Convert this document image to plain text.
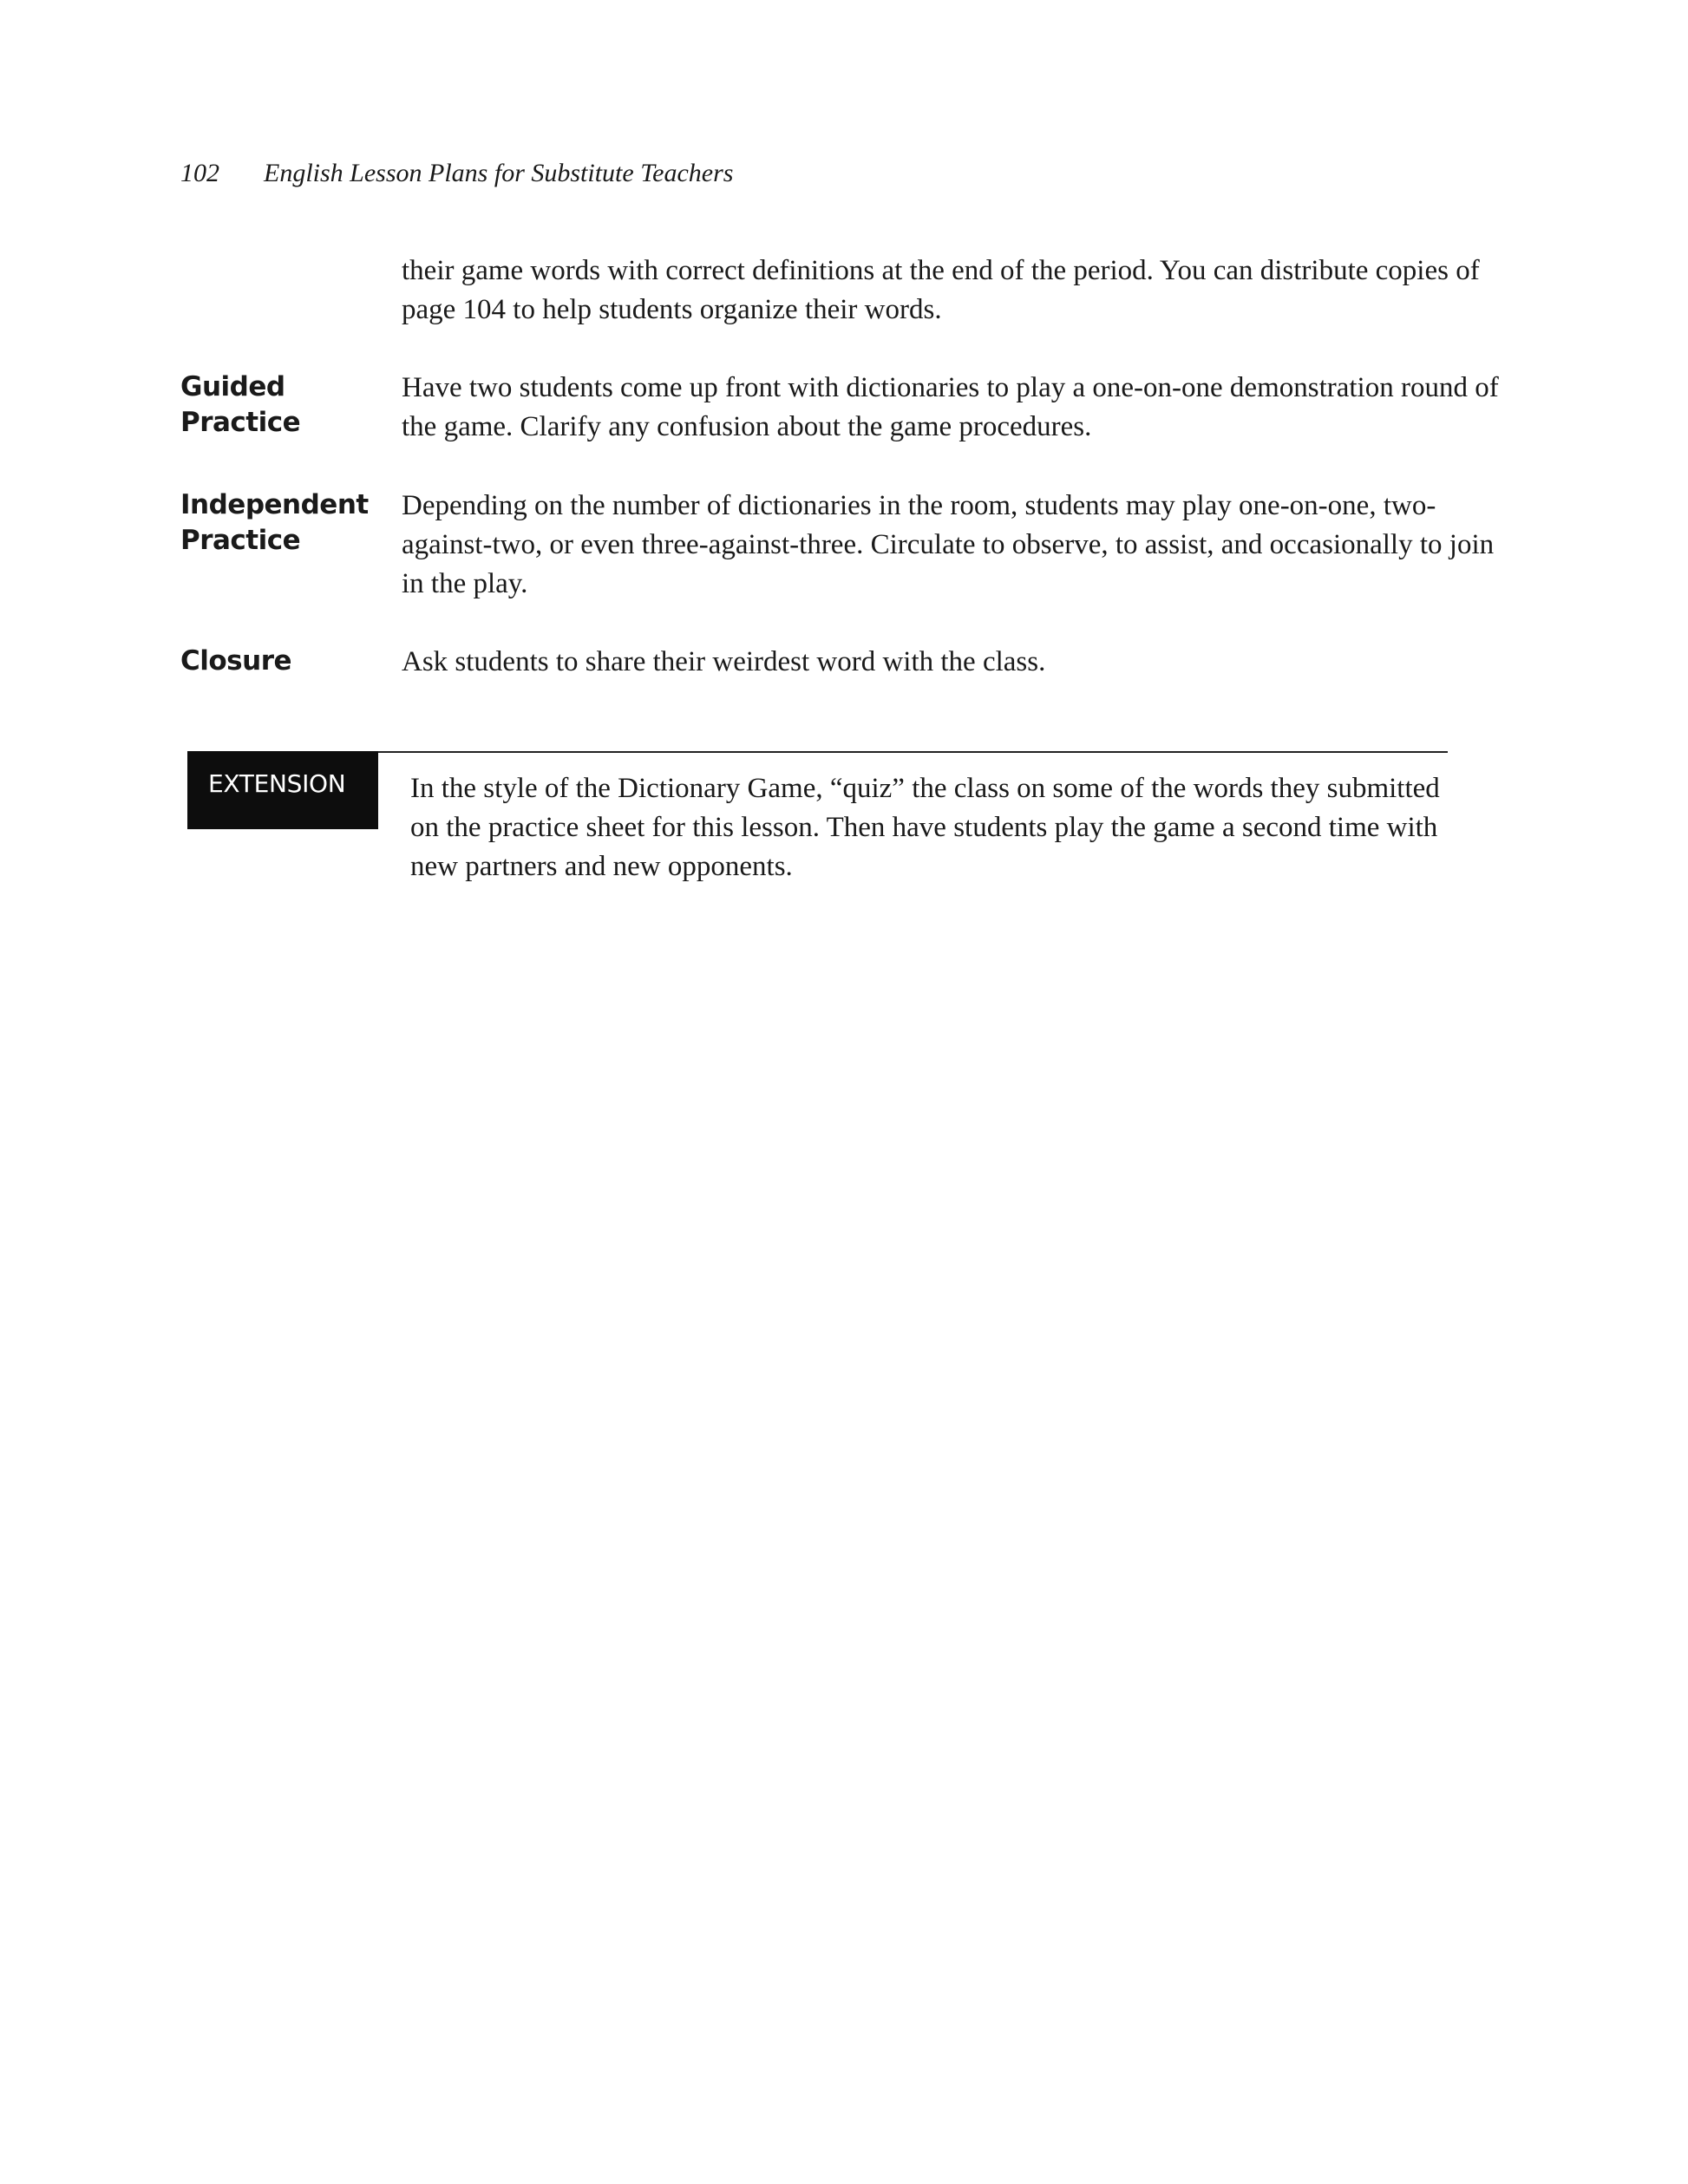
102 English Lesson Plans for Substitute Teachers

their game words with correct definitions at the end of the period. You can distribute copies of page 104 to help students organize their words.

Guided
Practice

Have two students come up front with dictionaries to play a one-on-one demonstration round of the game. Clarify any confusion about the game procedures.

Independent
Practice

Depending on the number of dictionaries in the room, students may play one-on-one, two-against-two, or even three-against-three. Circulate to observe, to assist, and occasionally to join in the play.

Closure	Ask students to share their weirdest word with the class.

EXTENSION	In the style of the Dictionary Game, “quiz” the class on some of the words they submitted on the practice sheet for this lesson. Then have students play the game a second time with new partners and new opponents.
